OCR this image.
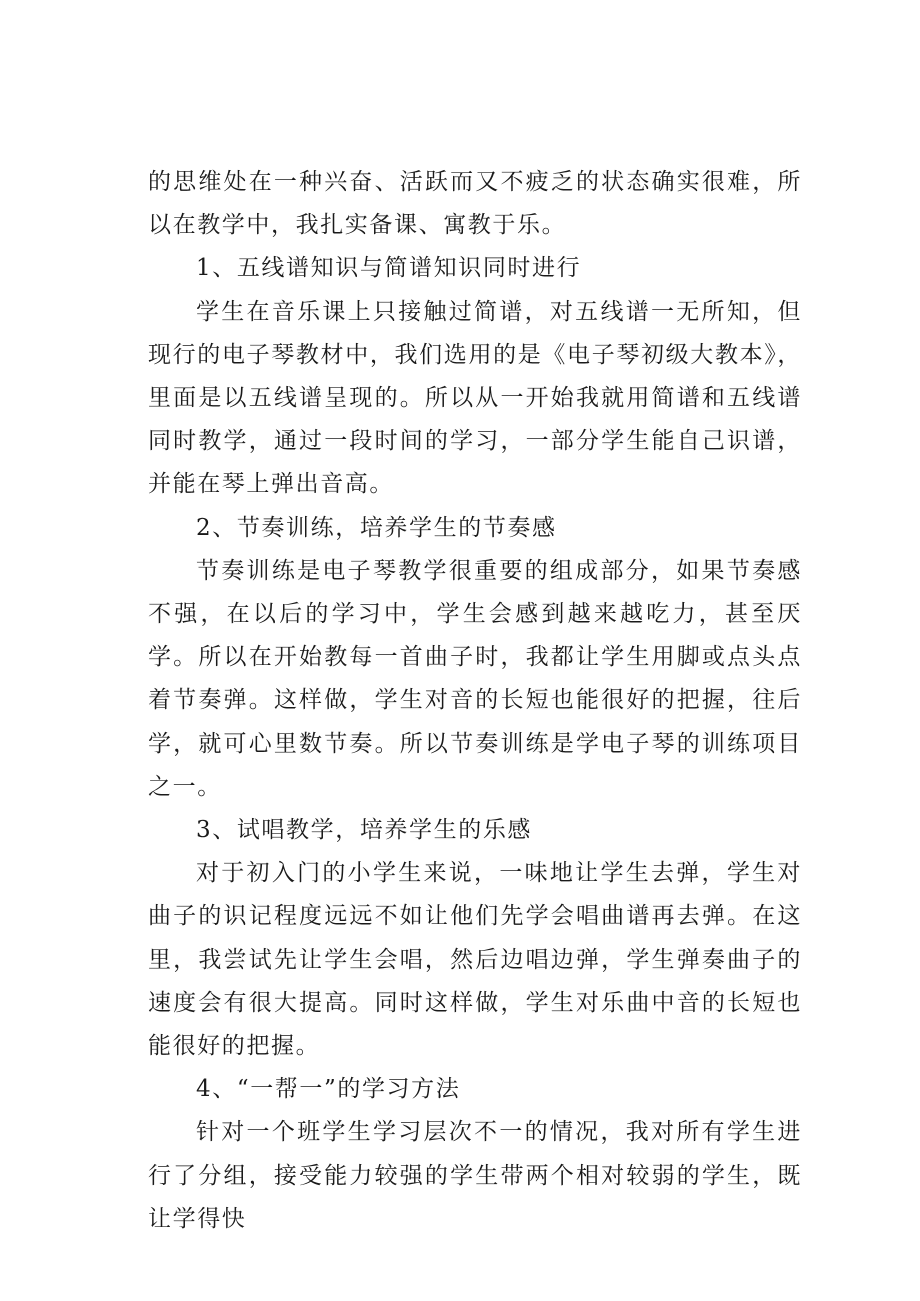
的思维处在一种兴奋、活跃而又不疲乏的状态确实很难，所以在教学中，我扎实备课、寓教于乐。

1、五线谱知识与简谱知识同时进行

学生在音乐课上只接触过简谱，对五线谱一无所知，但现行的电子琴教材中，我们选用的是《电子琴初级大教本》，里面是以五线谱呈现的。所以从一开始我就用简谱和五线谱同时教学，通过一段时间的学习，一部分学生能自己识谱，并能在琴上弹出音高。

2、节奏训练，培养学生的节奏感

节奏训练是电子琴教学很重要的组成部分，如果节奏感不强，在以后的学习中，学生会感到越来越吃力，甚至厌学。所以在开始教每一首曲子时，我都让学生用脚或点头点着节奏弹。这样做，学生对音的长短也能很好的把握，往后学，就可心里数节奏。所以节奏训练是学电子琴的训练项目之一。

3、试唱教学，培养学生的乐感

对于初入门的小学生来说，一味地让学生去弹，学生对曲子的识记程度远远不如让他们先学会唱曲谱再去弹。在这里，我尝试先让学生会唱，然后边唱边弹，学生弹奏曲子的速度会有很大提高。同时这样做，学生对乐曲中音的长短也能很好的把握。

4、“一帮一”的学习方法

针对一个班学生学习层次不一的情况，我对所有学生进行了分组，接受能力较强的学生带两个相对较弱的学生，既让学得快
